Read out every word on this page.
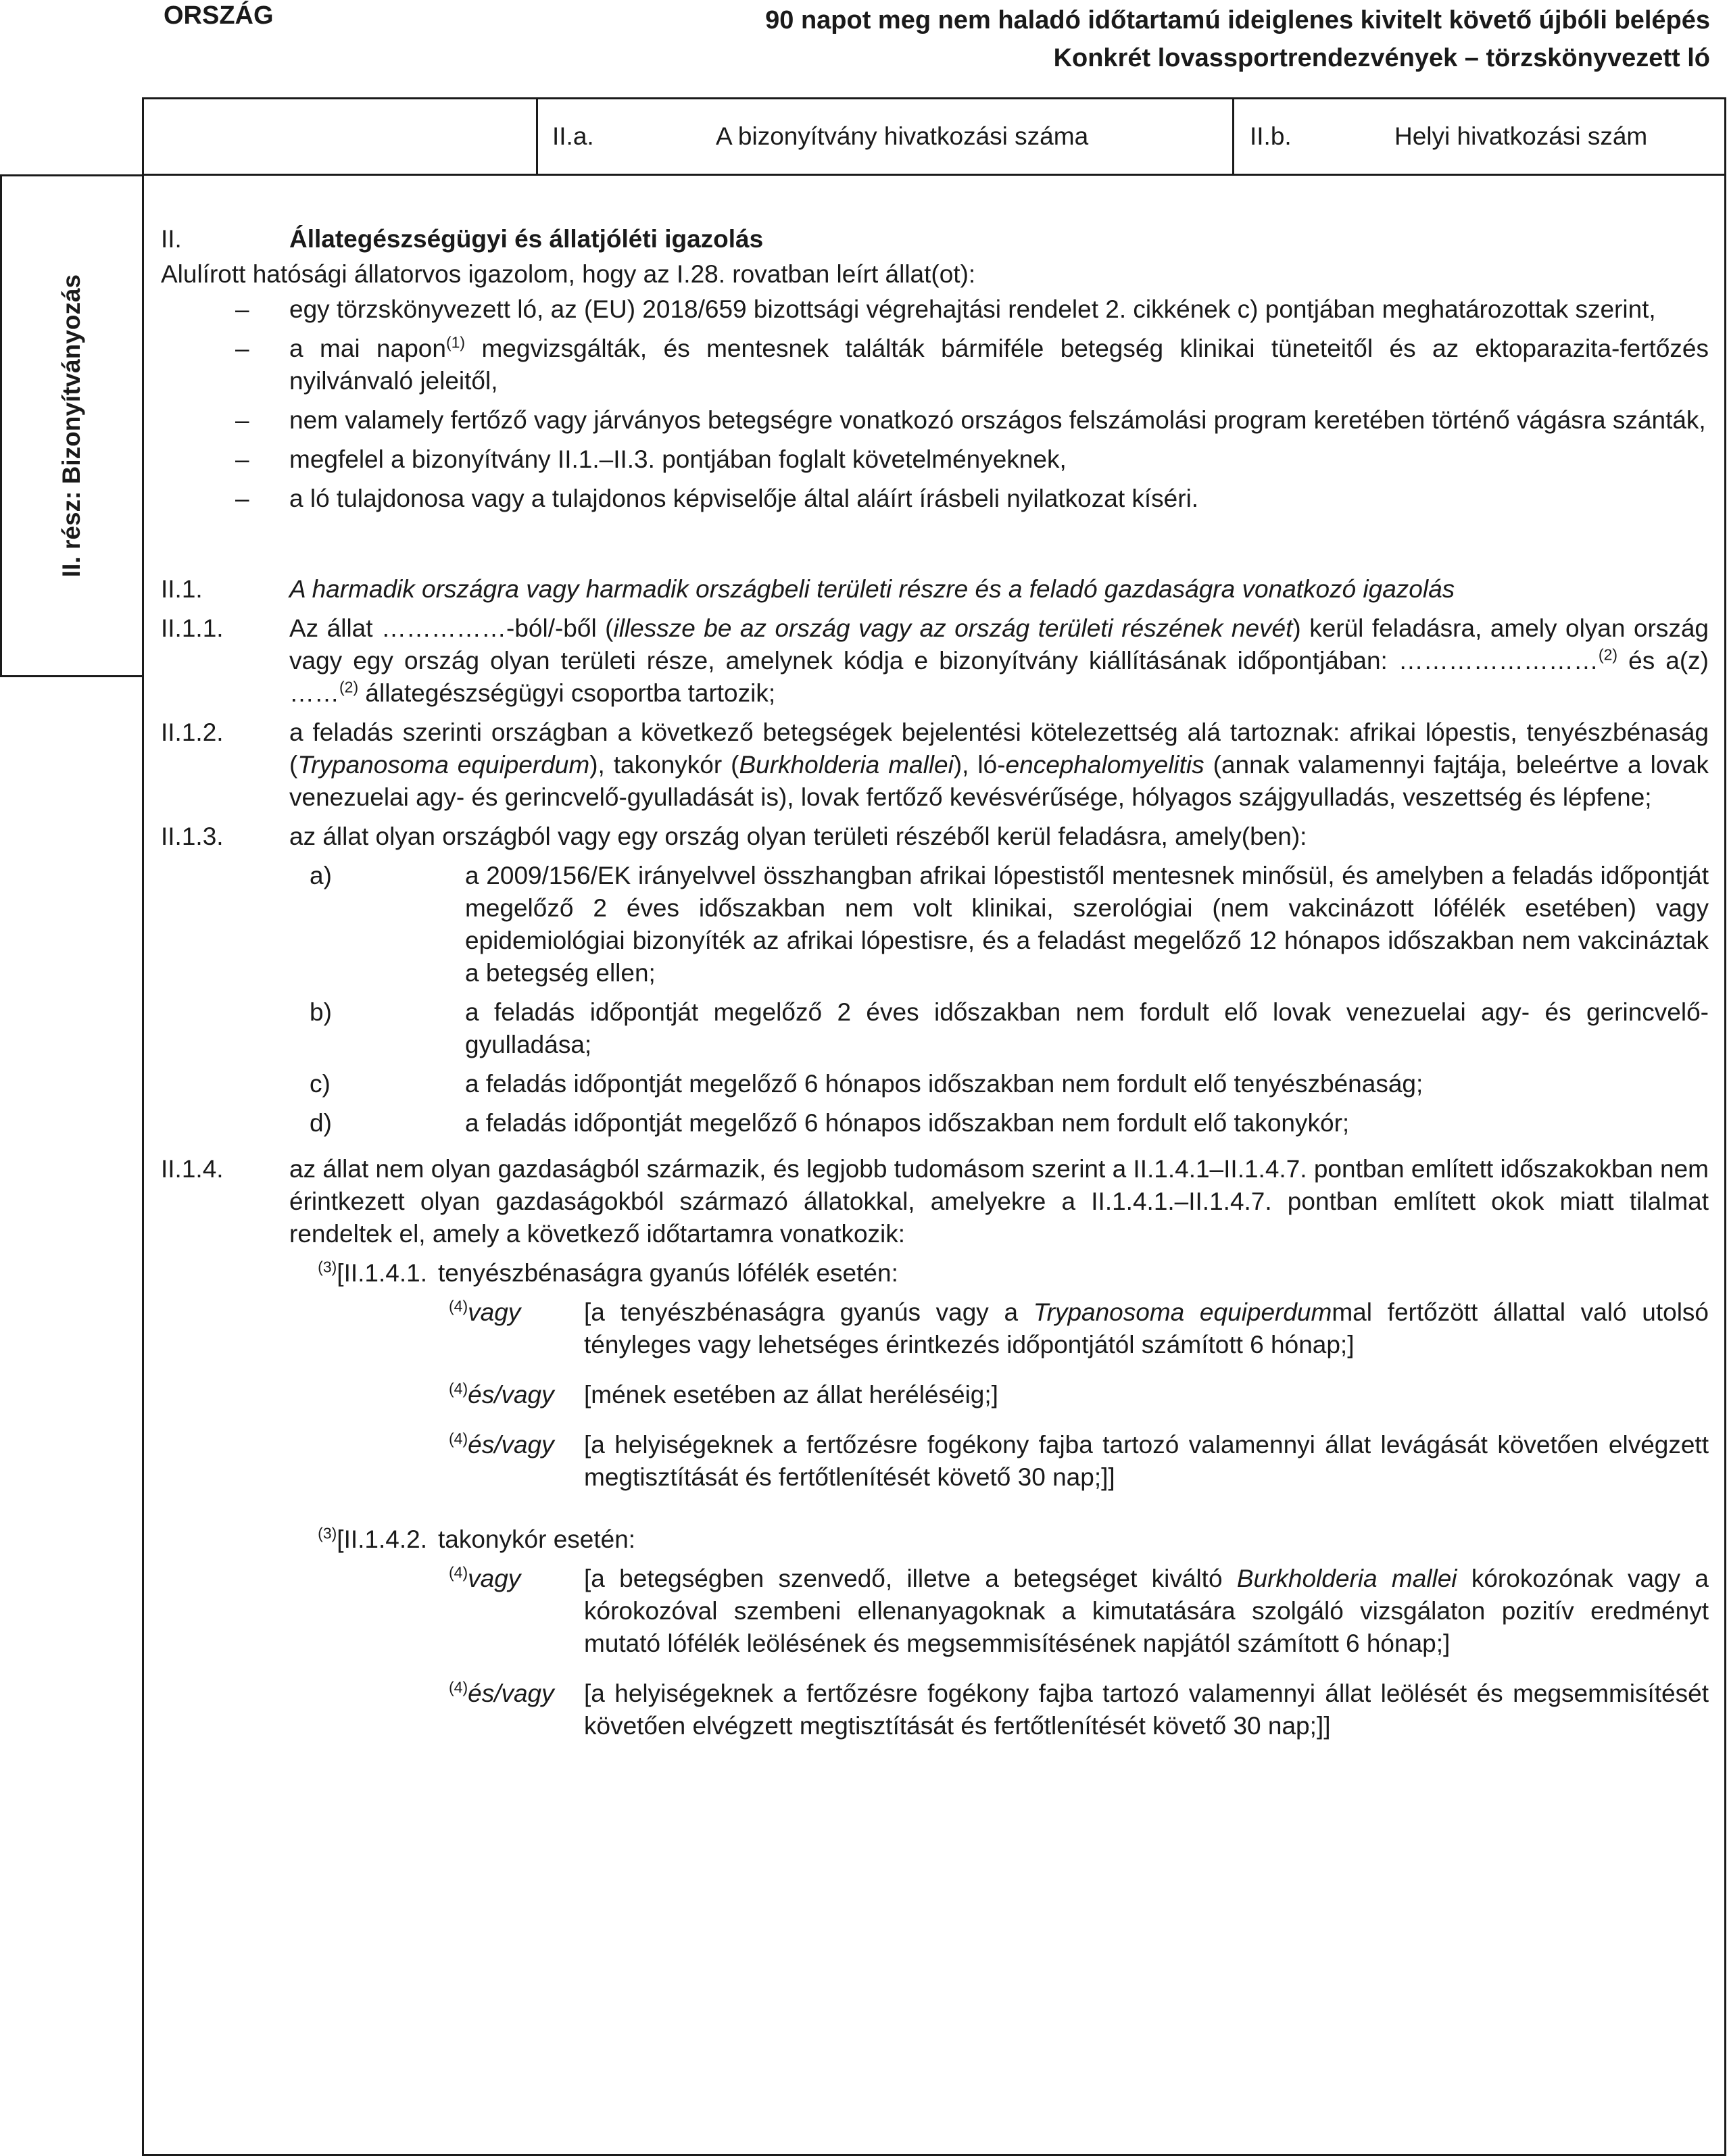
ORSZÁG	90 napot meg nem haladó időtartamú ideiglenes kivitelt követő újbóli belépés
Konkrét lovassportrendezvények – törzskönyvezett ló
II.a.	A bizonyítvány hivatkozási száma	II.b.	Helyi hivatkozási szám
II. rész: Bizonyítványozás
II.	Állategészségügyi és állatjóléti igazolás
Alulírott hatósági állatorvos igazolom, hogy az I.28. rovatban leírt állat(ot):
–	egy törzskönyvezett ló, az (EU) 2018/659 bizottsági végrehajtási rendelet 2. cikkének c) pontjában meghatározottak szerint,
–	a mai napon$^{(1)}$ megvizsgálták, és mentesnek találták bármiféle betegség klinikai tüneteitől és az ektoparazita-fertőzés nyilvánvaló jeleitől,
–	nem valamely fertőző vagy járványos betegségre vonatkozó országos felszámolási program keretében történő vágásra szánták,
–	megfelel a bizonyítvány II.1.–II.3. pontjában foglalt követelményeknek,
–	a ló tulajdonosa vagy a tulajdonos képviselője által aláírt írásbeli nyilatkozat kíséri.
II.1.	A harmadik országra vagy harmadik országbeli területi részre és a feladó gazdaságra vonatkozó igazolás
II.1.1.	Az állat ……………-ból/-ből (illessze be az ország vagy az ország területi részének nevét) kerül feladásra, amely olyan ország vagy egy ország olyan területi része, amelynek kódja e bizonyítvány kiállításának időpontjában: ……………………$^{(2)}$ és a(z) ……$^{(2)}$ állategészségügyi csoportba tartozik;
II.1.2.	a feladás szerinti országban a következő betegségek bejelentési kötelezettség alá tartoznak: afrikai lópestis, tenyészbénaság (Trypanosoma equiperdum), takonykór (Burkholderia mallei), ló-encephalomyelitis (annak valamennyi fajtája, beleértve a lovak venezuelai agy- és gerincvelő-gyulladását is), lovak fertőző kevésvérűsége, hólyagos szájgyulladás, veszettség és lépfene;
II.1.3.	az állat olyan országból vagy egy ország olyan területi részéből kerül feladásra, amely(ben):
a)	a 2009/156/EK irányelvvel összhangban afrikai lópestistől mentesnek minősül, és amelyben a feladás időpontját megelőző 2 éves időszakban nem volt klinikai, szerológiai (nem vakcinázott lófélék esetében) vagy epidemiológiai bizonyíték az afrikai lópestisre, és a feladást megelőző 12 hónapos időszakban nem vakcináztak a betegség ellen;
b)	a feladás időpontját megelőző 2 éves időszakban nem fordult elő lovak venezuelai agy- és gerincvelő-gyulladása;
c)	a feladás időpontját megelőző 6 hónapos időszakban nem fordult elő tenyészbénaság;
d)	a feladás időpontját megelőző 6 hónapos időszakban nem fordult elő takonykór;
II.1.4.	az állat nem olyan gazdaságból származik, és legjobb tudomásom szerint a II.1.4.1–II.1.4.7. pontban említett időszakokban nem érintkezett olyan gazdaságokból származó állatokkal, amelyekre a II.1.4.1.–II.1.4.7. pontban említett okok miatt tilalmat rendeltek el, amely a következő időtartamra vonatkozik:
$^{(3)}$[II.1.4.1. tenyészbénaságra gyanús lófélék esetén:
$^{(4)}$vagy	[a tenyészbénaságra gyanús vagy a Trypanosoma equiperdummal fertőzött állattal való utolsó tényleges vagy lehetséges érintkezés időpontjától számított 6 hónap;]
$^{(4)}$és/vagy	[mének esetében az állat heréléséig;]
$^{(4)}$és/vagy	[a helyiségeknek a fertőzésre fogékony fajba tartozó valamennyi állat levágását követően elvégzett megtisztítását és fertőtlenítését követő 30 nap;]]
$^{(3)}$[II.1.4.2. takonykór esetén:
$^{(4)}$vagy	[a betegségben szenvedő, illetve a betegséget kiváltó Burkholderia mallei kórokozónak vagy a kórokozóval szembeni ellenanyagoknak a kimutatására szolgáló vizsgálaton pozitív eredményt mutató lófélék leölésének és megsemmisítésének napjától számított 6 hónap;]
$^{(4)}$és/vagy	[a helyiségeknek a fertőzésre fogékony fajba tartozó valamennyi állat leölését és megsemmisítését követően elvégzett megtisztítását és fertőtlenítését követő 30 nap;]]
